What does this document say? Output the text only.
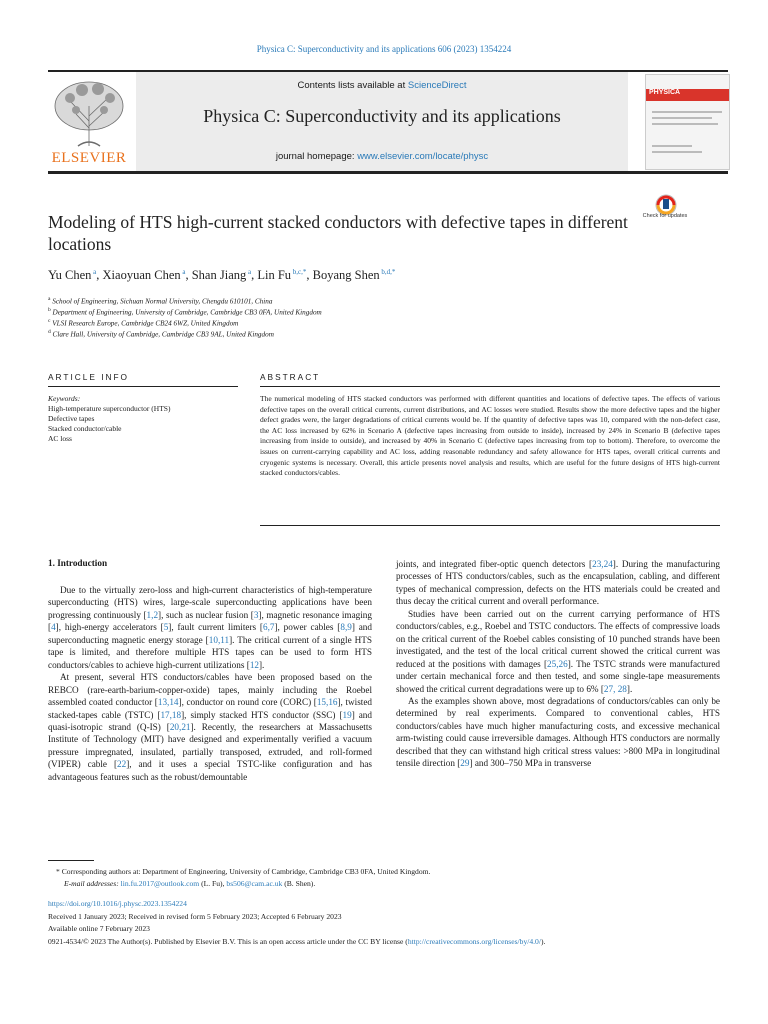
Physica C: Superconductivity and its applications 606 (2023) 1354224
ELSEVIER
Contents lists available at ScienceDirect
Physica C: Superconductivity and its applications
journal homepage: www.elsevier.com/locate/physc
PHYSICA
Modeling of HTS high-current stacked conductors with defective tapes in different locations
Check for updates
Yu Chen $^a$, Xiaoyuan Chen $^a$, Shan Jiang $^a$, Lin Fu $^{b,c,*}$, Boyang Shen $^{b,d,*}$
$^a$ School of Engineering, Sichuan Normal University, Chengdu 610101, China
$^b$ Department of Engineering, University of Cambridge, Cambridge CB3 0FA, United Kingdom
$^c$ VLSI Research Europe, Cambridge CB24 6WZ, United Kingdom
$^d$ Clare Hall, University of Cambridge, Cambridge CB3 9AL, United Kingdom
ARTICLE INFO	ABSTRACT
Keywords:
High-temperature superconductor (HTS)
Defective tapes
Stacked conductor/cable
AC loss
The numerical modeling of HTS stacked conductors was performed with different quantities and locations of defective tapes. The effects of various defective tapes on the overall critical currents, current distributions, and AC losses were studied. Results show the more defective tapes and the higher defect grades were, the larger degradations of critical currents would be. If the quantity of defective tapes was 10, compared with the non-defect case, the AC loss increased by 62% in Scenario A (defective tapes increasing from outside to inside), increased by 24% in Scenario B (defective tapes increasing from inside to outside), and increased by 40% in Scenario C (defective tapes increasing from top to bottom). Therefore, to overcome the issues on current-carrying capability and AC loss, adding reasonable redundancy and safety allowance for HTS tapes, overall critical currents and cryogenic systems is necessary. Overall, this article presents novel analysis and results, which are useful for the future designs of HTS high-current stacked conductors/cables.
1. Introduction

Due to the virtually zero-loss and high-current characteristics of high-temperature superconducting (HTS) wires, large-scale superconducting applications have been progressing continuously [1,2], such as nuclear fusion [3], magnetic resonance imaging [4], high-energy accelerators [5], fault current limiters [6,7], power cables [8,9] and superconducting magnetic energy storage [10,11]. The critical current of a single HTS tape is limited, and therefore multiple HTS tapes can be used to form HTS conductors/cables to achieve high-current utilizations [12].

At present, several HTS conductors/cables have been proposed based on the REBCO (rare-earth-barium-copper-oxide) tapes, mainly including the Roebel assembled coated conductor [13,14], conductor on round core (CORC) [15,16], twisted stacked-tapes cable (TSTC) [17,18], simply stacked HTS conductor (SSC) [19] and quasi-isotropic strand (Q-IS) [20,21]. Recently, the researchers at Massachusetts Institute of Technology (MIT) have designed and experimentally verified a vacuum pressure impregnated, insulated, partially transposed, extruded, and roll-formed (VIPER) cable [22], and it uses a special TSTC-like configuration and has advantageous features such as the robust/demountable

joints, and integrated fiber-optic quench detectors [23,24]. During the manufacturing processes of HTS conductors/cables, such as the encapsulation, cabling, and different types of mechanical compression, defects on the HTS materials could be created and thus decay the critical current and overall performance.

Studies have been carried out on the current carrying performance of HTS conductors/cables, e.g., Roebel and TSTC conductors. The effects of compressive loads on the critical current of the Roebel cables consisting of 10 punched strands have been investigated, and the test of the local critical current showed the critical current was reduced at the positions with damages [25,26]. The TSTC strands were manufactured under certain mechanical force and then tested, and some single-tape measurements showed the critical current degradations were up to 6% [27, 28].

As the examples shown above, most degradations of conductors/cables can only be determined by real experiments. Compared to conventional cables, HTS conductors/cables have much higher manufacturing costs, and excessive mechanical arm-twisting could cause irreversible damages. Although HTS conductors are normally described that they can withstand high critical stress values: >800 MPa in longitudinal tensile direction [29] and 300–750 MPa in transverse

* Corresponding authors at: Department of Engineering, University of Cambridge, Cambridge CB3 0FA, United Kingdom.
E-mail addresses: lin.fu.2017@outlook.com (L. Fu), bs506@cam.ac.uk (B. Shen).
https://doi.org/10.1016/j.physc.2023.1354224
Received 1 January 2023; Received in revised form 5 February 2023; Accepted 6 February 2023
Available online 7 February 2023
0921-4534/© 2023 The Author(s). Published by Elsevier B.V. This is an open access article under the CC BY license (http://creativecommons.org/licenses/by/4.0/).
